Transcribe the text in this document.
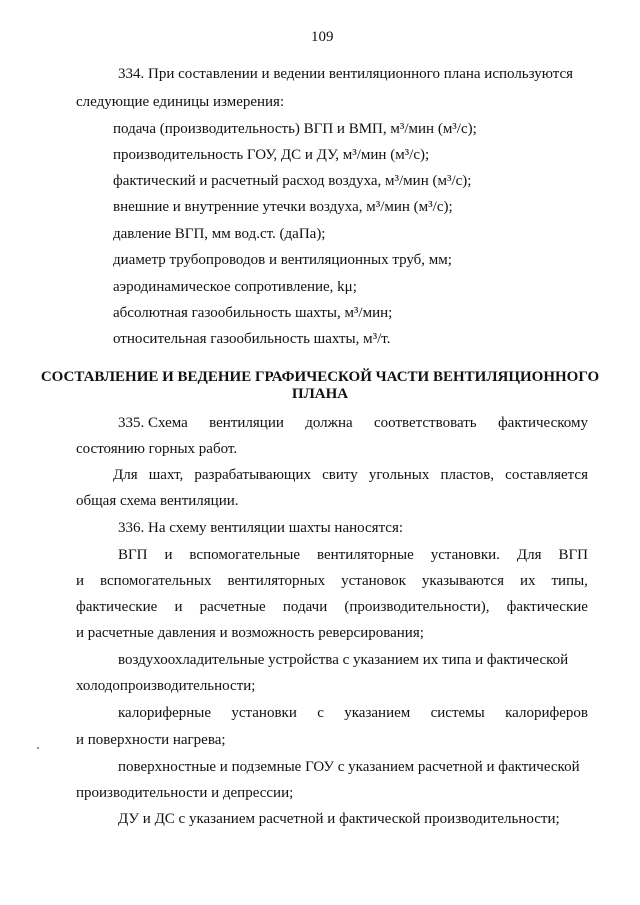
109
334. При составлении и ведении вентиляционного плана используются
следующие единицы измерения:
подача (производительность) ВГП и ВМП, м³/мин (м³/с);
производительность ГОУ, ДС и ДУ, м³/мин (м³/с);
фактический и расчетный расход воздуха, м³/мин (м³/с);
внешние и внутренние утечки воздуха, м³/мин (м³/с);
давление ВГП, мм вод.ст. (даПа);
диаметр трубопроводов и вентиляционных труб, мм;
аэродинамическое сопротивление, kμ;
абсолютная газообильность шахты, м³/мин;
относительная газообильность шахты, м³/т.
СОСТАВЛЕНИЕ И ВЕДЕНИЕ ГРАФИЧЕСКОЙ ЧАСТИ ВЕНТИЛЯЦИОННОГО
ПЛАНА
335. Схема вентиляции должна соответствовать фактическому
состоянию горных работ.
Для шахт, разрабатывающих свиту угольных пластов, составляется
общая схема вентиляции.
336. На схему вентиляции шахты наносятся:
ВГП и вспомогательные вентиляторные установки. Для ВГП
и вспомогательных вентиляторных установок указываются их типы,
фактические и расчетные подачи (производительности), фактические
и расчетные давления и возможность реверсирования;
воздухоохладительные устройства с указанием их типа и фактической
холодопроизводительности;
калориферные установки с указанием системы калориферов
и поверхности нагрева;
поверхностные и подземные ГОУ с указанием расчетной и фактической
производительности и депрессии;
ДУ и ДС с указанием расчетной и фактической производительности;
